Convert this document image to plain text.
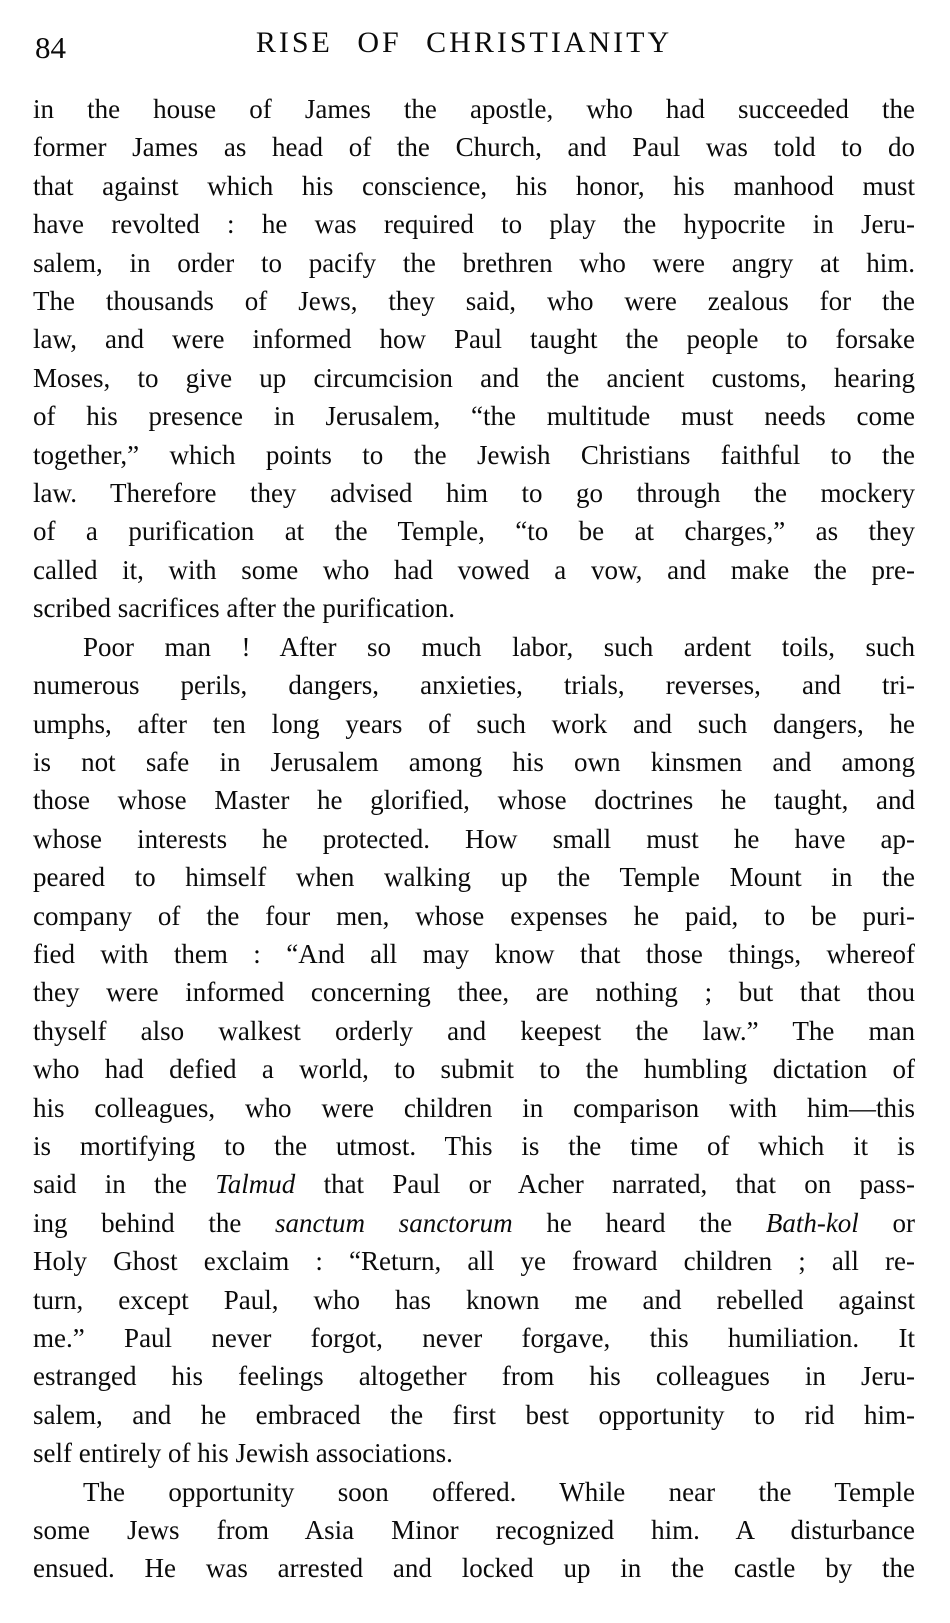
84	RISE OF CHRISTIANITY
in the house of James the apostle, who had succeeded the
former James as head of the Church, and Paul was told to do
that against which his conscience, his honor, his manhood must
have revolted : he was required to play the hypocrite in Jeru-
salem, in order to pacify the brethren who were angry at him.
The thousands of Jews, they said, who were zealous for the
law, and were informed how Paul taught the people to forsake
Moses, to give up circumcision and the ancient customs, hearing
of his presence in Jerusalem, “the multitude must needs come
together,” which points to the Jewish Christians faithful to the
law. Therefore they advised him to go through the mockery
of a purification at the Temple, “to be at charges,” as they
called it, with some who had vowed a vow, and make the pre-
scribed sacrifices after the purification.
Poor man ! After so much labor, such ardent toils, such
numerous perils, dangers, anxieties, trials, reverses, and tri-
umphs, after ten long years of such work and such dangers, he
is not safe in Jerusalem among his own kinsmen and among
those whose Master he glorified, whose doctrines he taught, and
whose interests he protected. How small must he have ap-
peared to himself when walking up the Temple Mount in the
company of the four men, whose expenses he paid, to be puri-
fied with them : “And all may know that those things, whereof
they were informed concerning thee, are nothing ; but that thou
thyself also walkest orderly and keepest the law.” The man
who had defied a world, to submit to the humbling dictation of
his colleagues, who were children in comparison with him—this
is mortifying to the utmost. This is the time of which it is
said in the Talmud that Paul or Acher narrated, that on pass-
ing behind the sanctum sanctorum he heard the Bath-kol or
Holy Ghost exclaim : “Return, all ye froward children ; all re-
turn, except Paul, who has known me and rebelled against
me.” Paul never forgot, never forgave, this humiliation. It
estranged his feelings altogether from his colleagues in Jeru-
salem, and he embraced the first best opportunity to rid him-
self entirely of his Jewish associations.
The opportunity soon offered. While near the Temple
some Jews from Asia Minor recognized him. A disturbance
ensued. He was arrested and locked up in the castle by the
